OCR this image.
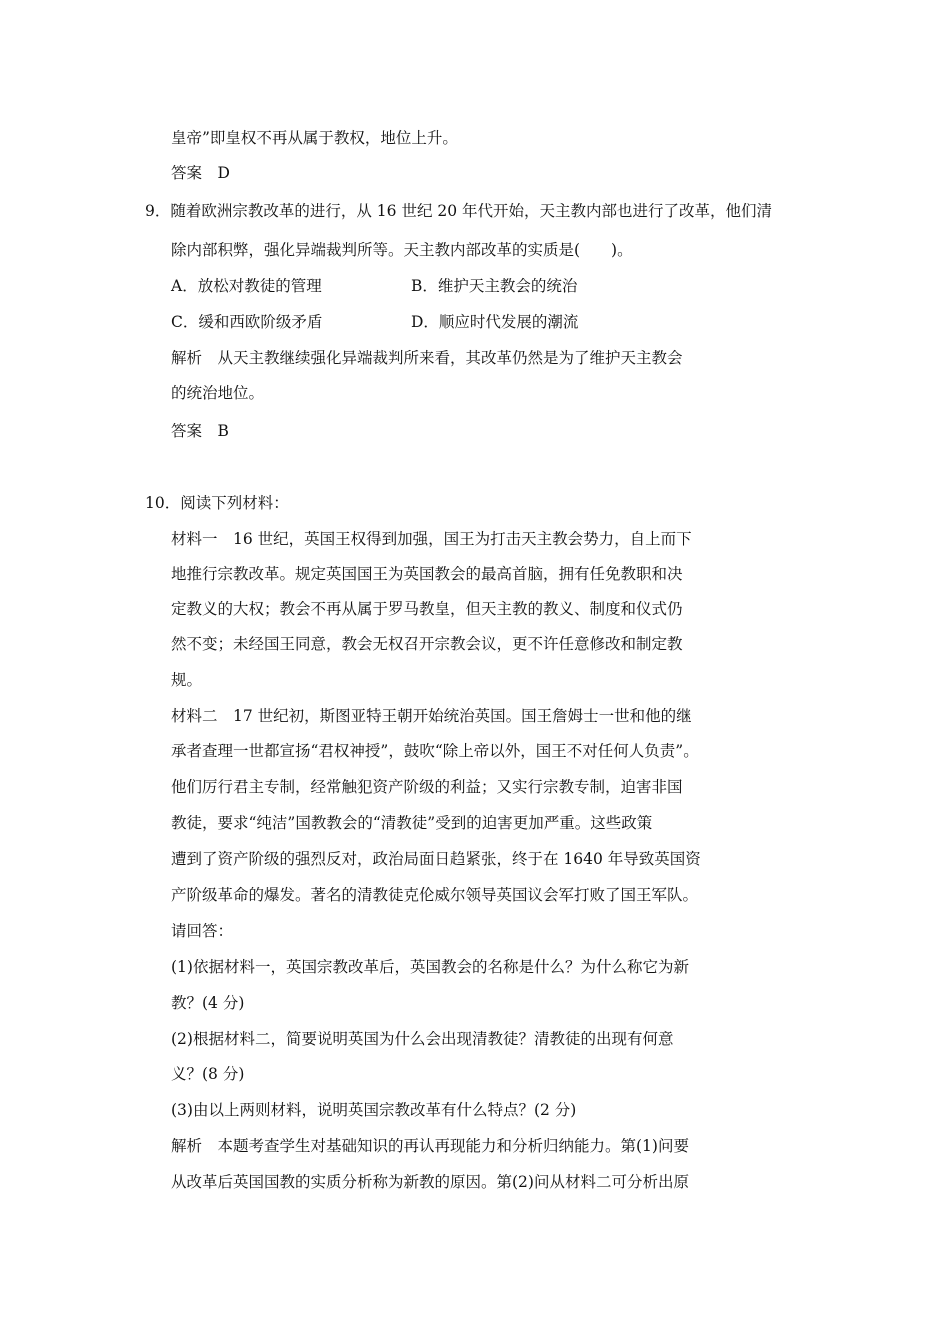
皇帝”即皇权不再从属于教权，地位上升。
答案　D
9．随着欧洲宗教改革的进行，从 16 世纪 20 年代开始，天主教内部也进行了改革，他们清
除内部积弊，强化异端裁判所等。天主教内部改革的实质是(　　)。
A．放松对教徒的管理	B．维护天主教会的统治
C．缓和西欧阶级矛盾	D．顺应时代发展的潮流
解析　从天主教继续强化异端裁判所来看，其改革仍然是为了维护天主教会
的统治地位。
答案　B
10．阅读下列材料：
材料一　16 世纪，英国王权得到加强，国王为打击天主教会势力，自上而下
地推行宗教改革。规定英国国王为英国教会的最高首脑，拥有任免教职和决
定教义的大权；教会不再从属于罗马教皇，但天主教的教义、制度和仪式仍
然不变；未经国王同意，教会无权召开宗教会议，更不许任意修改和制定教
规。
材料二　17 世纪初，斯图亚特王朝开始统治英国。国王詹姆士一世和他的继
承者查理一世都宣扬“君权神授”，鼓吹“除上帝以外，国王不对任何人负责”。
他们厉行君主专制，经常触犯资产阶级的利益；又实行宗教专制，迫害非国
教徒，要求“纯洁”国教教会的“清教徒”受到的迫害更加严重。这些政策
遭到了资产阶级的强烈反对，政治局面日趋紧张，终于在 1640 年导致英国资
产阶级革命的爆发。著名的清教徒克伦威尔领导英国议会军打败了国王军队。
请回答：
(1)依据材料一，英国宗教改革后，英国教会的名称是什么？为什么称它为新
教？(4 分)
(2)根据材料二，简要说明英国为什么会出现清教徒？清教徒的出现有何意
义？(8 分)
(3)由以上两则材料，说明英国宗教改革有什么特点？(2 分)
解析　本题考查学生对基础知识的再认再现能力和分析归纳能力。第(1)问要
从改革后英国国教的实质分析称为新教的原因。第(2)问从材料二可分析出原
